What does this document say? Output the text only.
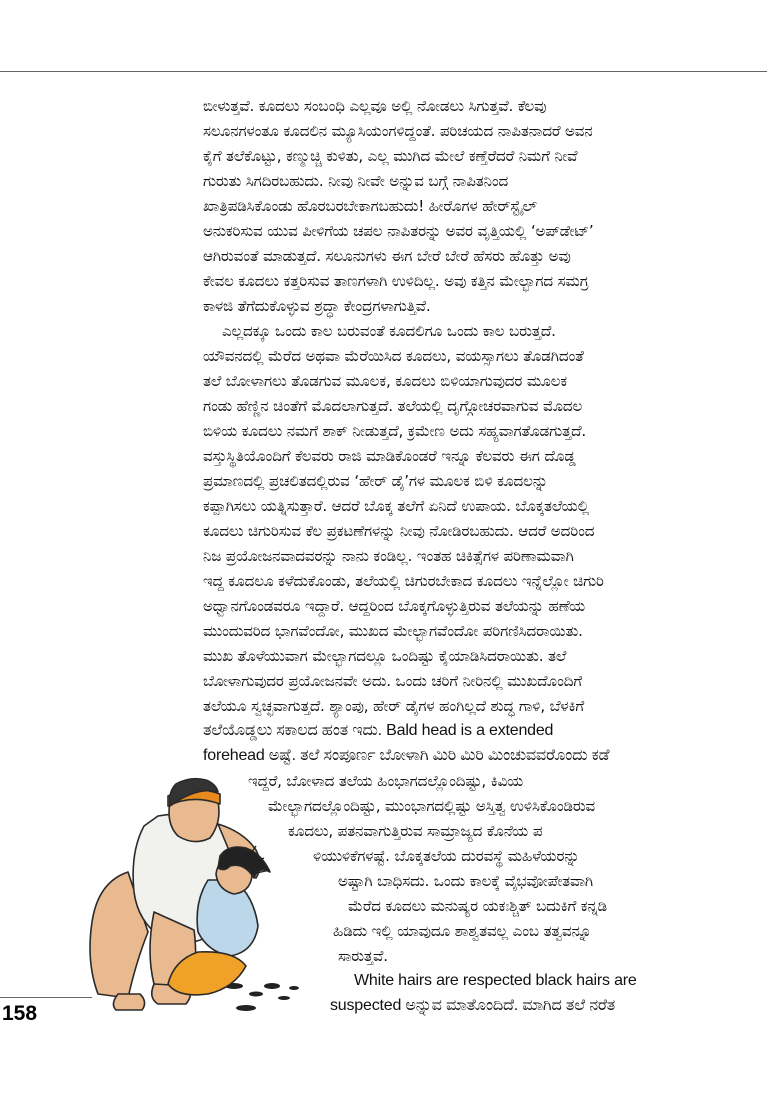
ಬೀಳುತ್ತವೆ. ಕೂದಲು ಸಂಬಂಧಿ ಎಲ್ಲವೂ ಅಲ್ಲಿ ನೋಡಲು ಸಿಗುತ್ತವೆ. ಕೆಲವು
ಸಲೂನಗಳಂತೂ ಕೂದಲಿನ ಮ್ಯೂಸಿಯಂಗಳಿದ್ದಂತೆ. ಪರಿಚಯದ ನಾಪಿತನಾದರೆ ಅವನ
ಕೈಗೆ ತಲೆಕೊಟ್ಟು, ಕಣ್ಮುಚ್ಚಿ ಕುಳಿತು, ಎಲ್ಲ ಮುಗಿದ ಮೇಲೆ ಕಣ್ತೆರೆದರೆ ನಿಮಗೆ ನೀವೆ
ಗುರುತು ಸಿಗದಿರಬಹುದು. ನೀವು ನೀವೇ ಅನ್ನುವ ಬಗ್ಗೆ ನಾಪಿತನಿಂದ
ಖಾತ್ರಿಪಡಿಸಿಕೊಂಡು ಹೊರಬರಬೇಕಾಗಬಹುದು! ಹೀರೊಗಳ ಹೇರ್‌ಸ್ಟೈಲ್
ಅನುಕರಿಸುವ ಯುವ ಪೀಳಿಗೆಯ ಚಪಲ ನಾಪಿತರನ್ನು ಅವರ ವೃತ್ತಿಯಲ್ಲಿ ‘ಅಪ್‌ಡೇಟ್’
ಆಗಿರುವಂತೆ ಮಾಡುತ್ತದೆ. ಸಲೂನುಗಳು ಈಗ ಬೇರೆ ಬೇರೆ ಹೆಸರು ಹೊತ್ತು ಅವು
ಕೇವಲ ಕೂದಲು ಕತ್ತರಿಸುವ ತಾಣಗಳಾಗಿ ಉಳಿದಿಲ್ಲ. ಅವು ಕತ್ತಿನ ಮೇಲ್ಭಾಗದ ಸಮಗ್ರ
ಕಾಳಜಿ ತೆಗೆದುಕೊಳ್ಳುವ ಶ್ರದ್ಧಾ ಕೇಂದ್ರಗಳಾಗುತ್ತಿವೆ.
ಎಲ್ಲದಕ್ಕೂ ಒಂದು ಕಾಲ ಬರುವಂತೆ ಕೂದಲಿಗೂ ಒಂದು ಕಾಲ ಬರುತ್ತದೆ.
ಯೌವನದಲ್ಲಿ ಮೆರೆದ ಅಥವಾ ಮೆರೆಯಿಸಿದ ಕೂದಲು, ವಯಸ್ಸಾಗಲು ತೊಡಗಿದಂತೆ
ತಲೆ ಬೋಳಾಗಲು ತೊಡಗುವ ಮೂಲಕ, ಕೂದಲು ಬಿಳಿಯಾಗುವುದರ ಮೂಲಕ
ಗಂಡು ಹೆಣ್ಣಿನ ಚಿಂತೆಗೆ ಮೊದಲಾಗುತ್ತದೆ. ತಲೆಯಲ್ಲಿ ದೃಗ್ಗೋಚರವಾಗುವ ಮೊದಲ
ಬಿಳಿಯ ಕೂದಲು ನಮಗೆ ಶಾಕ್ ನೀಡುತ್ತದೆ, ಕ್ರಮೇಣ ಅದು ಸಹ್ಯವಾಗತೊಡಗುತ್ತದೆ.
ವಸ್ತುಸ್ಥಿತಿಯೊಂದಿಗೆ ಕೆಲವರು ರಾಜಿ ಮಾಡಿಕೊಂಡರೆ ಇನ್ನೂ ಕೆಲವರು ಈಗ ದೊಡ್ಡ
ಪ್ರಮಾಣದಲ್ಲಿ ಪ್ರಚಲಿತದಲ್ಲಿರುವ ‘ಹೇರ್ ಡೈ’ಗಳ ಮೂಲಕ ಬಿಳಿ ಕೂದಲನ್ನು
ಕಪ್ಪಾಗಿಸಲು ಯತ್ನಿಸುತ್ತಾರೆ. ಆದರೆ ಬೊಕ್ಕ ತಲೆಗೆ ಏನಿದೆ ಉಪಾಯ. ಬೊಕ್ಕತಲೆಯಲ್ಲಿ
ಕೂದಲು ಚಿಗುರಿಸುವ ಕೆಲ ಪ್ರಕಟಣೆಗಳನ್ನು ನೀವು ನೋಡಿರಬಹುದು. ಆದರೆ ಅದರಿಂದ
ನಿಜ ಪ್ರಯೋಜನವಾದವರನ್ನು ನಾನು ಕಂಡಿಲ್ಲ. ಇಂತಹ ಚಿಕಿತ್ಸೆಗಳ ಪರಿಣಾಮವಾಗಿ
ಇದ್ದ ಕೂದಲೂ ಕಳೆದುಕೊಂಡು, ತಲೆಯಲ್ಲಿ ಚಿಗುರಬೇಕಾದ ಕೂದಲು ಇನ್ನೆಲ್ಲೋ ಚಿಗುರಿ
ಅಧ್ವಾನಗೊಂಡವರೂ ಇದ್ದಾರೆ. ಆದ್ದರಿಂದ ಬೊಕ್ಕಗೊಳ್ಳುತ್ತಿರುವ ತಲೆಯನ್ನು ಹಣೆಯ
ಮುಂದುವರಿದ ಭಾಗವೆಂದೋ, ಮುಖದ ಮೇಲ್ಭಾಗವೆಂದೋ ಪರಿಗಣಿಸಿದರಾಯಿತು.
ಮುಖ ತೊಳೆಯುವಾಗ ಮೇಲ್ಭಾಗದಲ್ಲೂ ಒಂದಿಷ್ಟು ಕೈಯಾಡಿಸಿದರಾಯಿತು. ತಲೆ
ಬೋಳಾಗುವುದರ ಪ್ರಯೋಜನವೇ ಅದು. ಒಂದು ಚರಿಗೆ ನೀರಿನಲ್ಲಿ ಮುಖದೊಂದಿಗೆ
ತಲೆಯೂ ಸ್ವಚ್ಛವಾಗುತ್ತದೆ. ಶ್ಯಾಂಪು, ಹೇರ್ ಡೈಗಳ ಹಂಗಿಲ್ಲದೆ ಶುದ್ಧ ಗಾಳಿ, ಬೆಳಕಿಗೆ
ತಲೆಯೊಡ್ಡಲು ಸಕಾಲದ ಹಂತ ಇದು. Bald head is a extended
forehead ಅಷ್ಟೆ. ತಲೆ ಸಂಪೂರ್ಣ ಬೋಳಾಗಿ ಮಿರಿ ಮಿರಿ ಮಿಂಚುವವರೊಂದು ಕಡೆ
ಇದ್ದರೆ, ಬೋಳಾದ ತಲೆಯ ಹಿಂಭಾಗದಲ್ಲೊಂದಿಷ್ಟು, ಕಿವಿಯ
ಮೇಲ್ಭಾಗದಲ್ಲೊಂದಿಷ್ಟು, ಮುಂಭಾಗದಲ್ಲಿಷ್ಟು ಅಸ್ತಿತ್ವ ಉಳಿಸಿಕೊಂಡಿರುವ
ಕೂದಲು, ಪತನವಾಗುತ್ತಿರುವ ಸಾಮ್ರಾಜ್ಯದ ಕೊನೆಯ ಪ
ಳಿಯುಳಿಕೆಗಳಷ್ಟೆ. ಬೊಕ್ಕತಲೆಯ ದುರವಸ್ಥೆ ಮಹಿಳೆಯರನ್ನು
ಅಷ್ಟಾಗಿ ಬಾಧಿಸದು. ಒಂದು ಕಾಲಕ್ಕೆ ವೈಭವೋಪೇತವಾಗಿ
ಮೆರೆದ ಕೂದಲು ಮನುಷ್ಯರ ಯಕಃಶ್ಚಿತ್ ಬದುಕಿಗೆ ಕನ್ನಡಿ
ಹಿಡಿದು ಇಲ್ಲಿ ಯಾವುದೂ ಶಾಶ್ವತವಲ್ಲ ಎಂಬ ತತ್ವವನ್ನೂ
ಸಾರುತ್ತವೆ.
White hairs are respected black hairs are
suspected ಅನ್ನುವ ಮಾತೊಂದಿದೆ. ಮಾಗಿದ ತಲೆ ನರೆತ
158
